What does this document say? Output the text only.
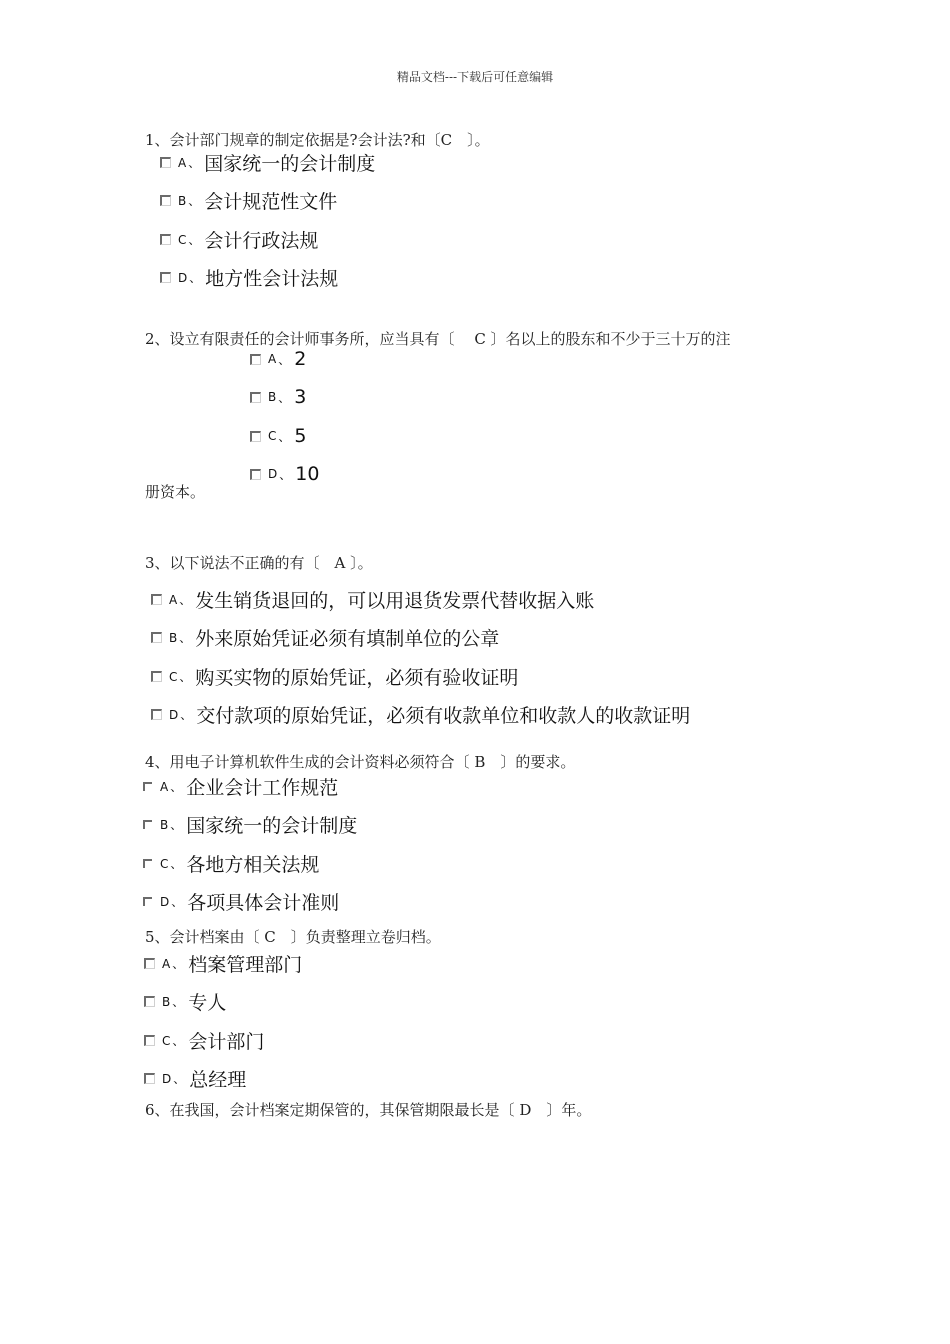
精品文档---下载后可任意编辑
1、会计部门规章的制定依据是?会计法?和〔C　〕。
A 、 国家统一的会计制度
B 、 会计规范性文件
C 、 会计行政法规
D 、 地方性会计法规
2、设立有限责任的会计师事务所，应当具有〔　 C 〕名以上的股东和不少于三十万的注
A 、 2
B 、 3
C 、 5
D 、 10
册资本。
3、以下说法不正确的有〔　A 〕。
A 、 发生销货退回的，可以用退货发票代替收据入账
B 、 外来原始凭证必须有填制单位的公章
C 、 购买实物的原始凭证，必须有验收证明
D 、 交付款项的原始凭证，必须有收款单位和收款人的收款证明
4、用电子计算机软件生成的会计资料必须符合〔 B　〕的要求。
A 、 企业会计工作规范
B 、 国家统一的会计制度
C 、 各地方相关法规
D 、 各项具体会计准则
5、会计档案由〔 C　〕负责整理立卷归档。
A 、 档案管理部门
B 、 专人
C 、 会计部门
D 、 总经理
6、在我国，会计档案定期保管的，其保管期限最长是〔 D　〕年。
